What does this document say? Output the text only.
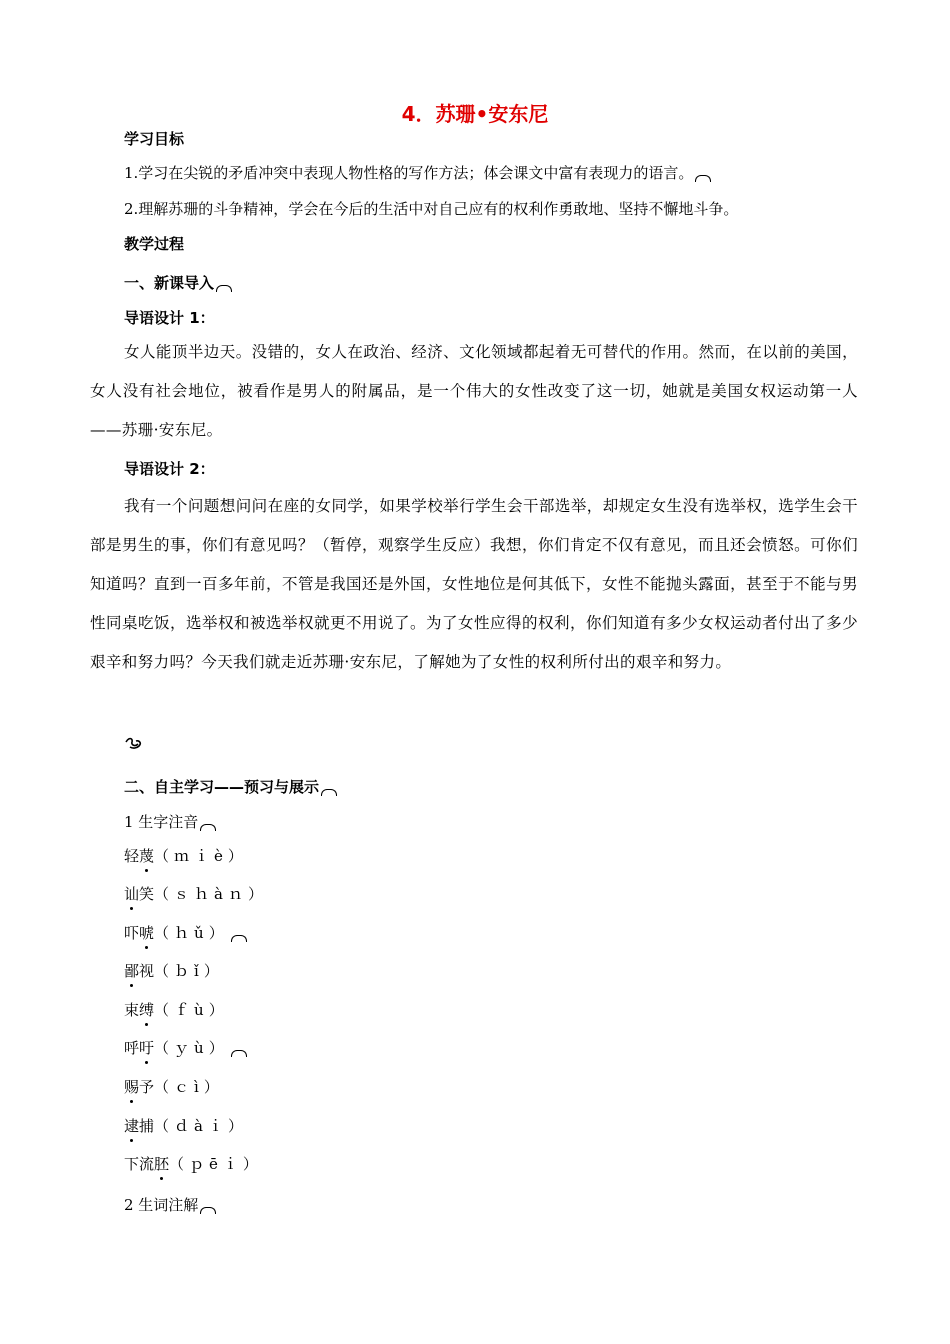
4．苏珊•安东尼
学习目标
1.学习在尖锐的矛盾冲突中表现人物性格的写作方法；体会课文中富有表现力的语言。
2.理解苏珊的斗争精神，学会在今后的生活中对自己应有的权利作勇敢地、坚持不懈地斗争。
教学过程
一、新课导入
导语设计 1：
女人能顶半边天。没错的，女人在政治、经济、文化领域都起着无可替代的作用。然而，在以前的美国，女人没有社会地位，被看作是男人的附属品，是一个伟大的女性改变了这一切，她就是美国女权运动第一人——苏珊·安东尼。
导语设计 2：
我有一个问题想问问在座的女同学，如果学校举行学生会干部选举，却规定女生没有选举权，选学生会干部是男生的事，你们有意见吗？（暂停，观察学生反应）我想，你们肯定不仅有意见，而且还会愤怒。可你们知道吗？直到一百多年前，不管是我国还是外国，女性地位是何其低下，女性不能抛头露面，甚至于不能与男性同桌吃饭，选举权和被选举权就更不用说了。为了女性应得的权利，你们知道有多少女权运动者付出了多少艰辛和努力吗？今天我们就走近苏珊·安东尼，了解她为了女性的权利所付出的艰辛和努力。
二、自主学习——预习与展示
1 生字注音
轻蔑（ｍｉè）
讪笑（ｓｈàｎ）
吓唬（ｈǔ）
鄙视（ｂǐ）
束缚（ｆù）
呼吁（ｙù）
赐予（ｃì）
逮捕（ｄàｉ）
下流胚（ｐēｉ）
2 生词注解
